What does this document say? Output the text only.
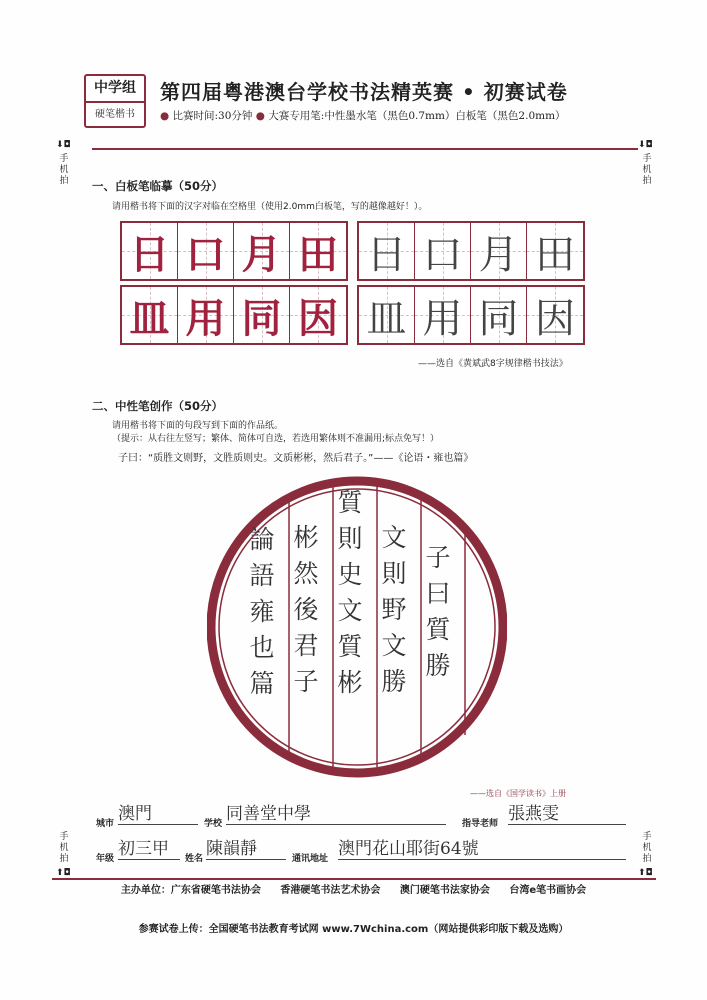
中学组
硬笔楷书
第四届粤港澳台学校书法精英赛 • 初赛试卷
● 比赛时间:30分钟 ● 大赛专用笔:中性墨水笔（黑色0.7mm）白板笔（黑色2.0mm）
⬇◘
手机拍
⬇◘
手机拍
手机拍
⬆◘
手机拍
⬆◘
一、白板笔临摹（50分）
请用楷书将下面的汉字对临在空格里（使用2.0mm白板笔，写的越像越好！）。
日 口 月 田 日 口 月 田
皿 用 同 因 皿 用 同 因
——选自《黄斌武8字规律楷书技法》
二、中性笔创作（50分）
请用楷书将下面的句段写到下面的作品纸。
（提示：从右往左竖写；繁体、简体可自选，若选用繁体则不准漏用;标点免写！）
子曰：“质胜文则野，文胜质则史。文质彬彬，然后君子。”——《论语・雍也篇》
子
曰
質
勝
文
則
野
文
勝
質
則
史
文
質
彬
彬
然
後
君
子
論
語
雍
也
篇
——选自《国学读书》上册
城市 澳門	学校 同善堂中學	指导老师 張燕雯
年级 初三甲	姓名 陳韻靜	通讯地址 澳門花山耶街64號
主办单位：广东省硬笔书法协会 香港硬笔书法艺术协会 澳门硬笔书法家协会 台湾e笔书画协会
参赛试卷上传：全国硬笔书法教育考试网 www.7Wchina.com（网站提供彩印版下载及选购）
